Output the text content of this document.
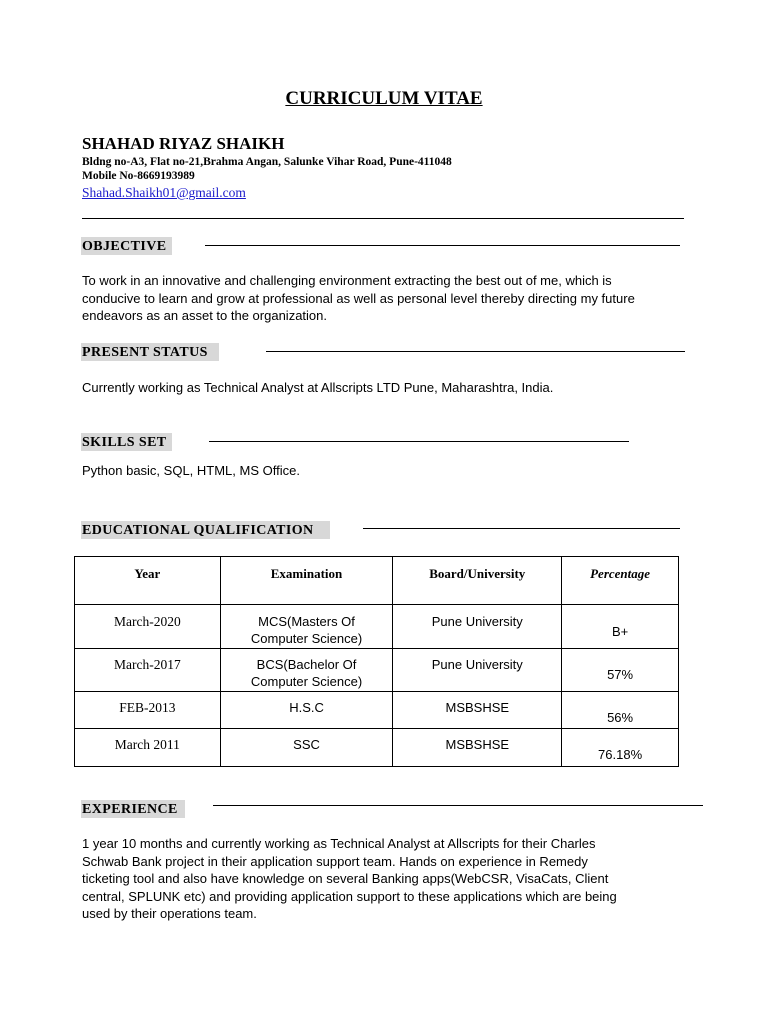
CURRICULUM VITAE
SHAHAD RIYAZ SHAIKH
Bldng no-A3, Flat no-21,Brahma Angan, Salunke Vihar Road, Pune-411048
Mobile No-8669193989
Shahad.Shaikh01@gmail.com
OBJECTIVE
To work in an innovative and challenging environment extracting the best out of me, which is
conducive to learn and grow at professional as well as personal level thereby directing my future
endeavors as an asset to the organization.
PRESENT STATUS
Currently working as Technical Analyst at Allscripts LTD Pune, Maharashtra, India.
SKILLS SET
Python basic, SQL, HTML, MS Office.
EDUCATIONAL QUALIFICATION
Year	Examination	Board/University	Percentage
March-2020	MCS(Masters Of
Computer Science)	Pune University	B+
March-2017	BCS(Bachelor Of
Computer Science)	Pune University	57%
FEB-2013	H.S.C	MSBSHSE	56%
March 2011	SSC	MSBSHSE	76.18%
EXPERIENCE
1 year 10 months and currently working as Technical Analyst at Allscripts for their Charles
Schwab Bank project in their application support team. Hands on experience in Remedy
ticketing tool and also have knowledge on several Banking apps(WebCSR, VisaCats, Client
central, SPLUNK etc) and providing application support to these applications which are being
used by their operations team.
